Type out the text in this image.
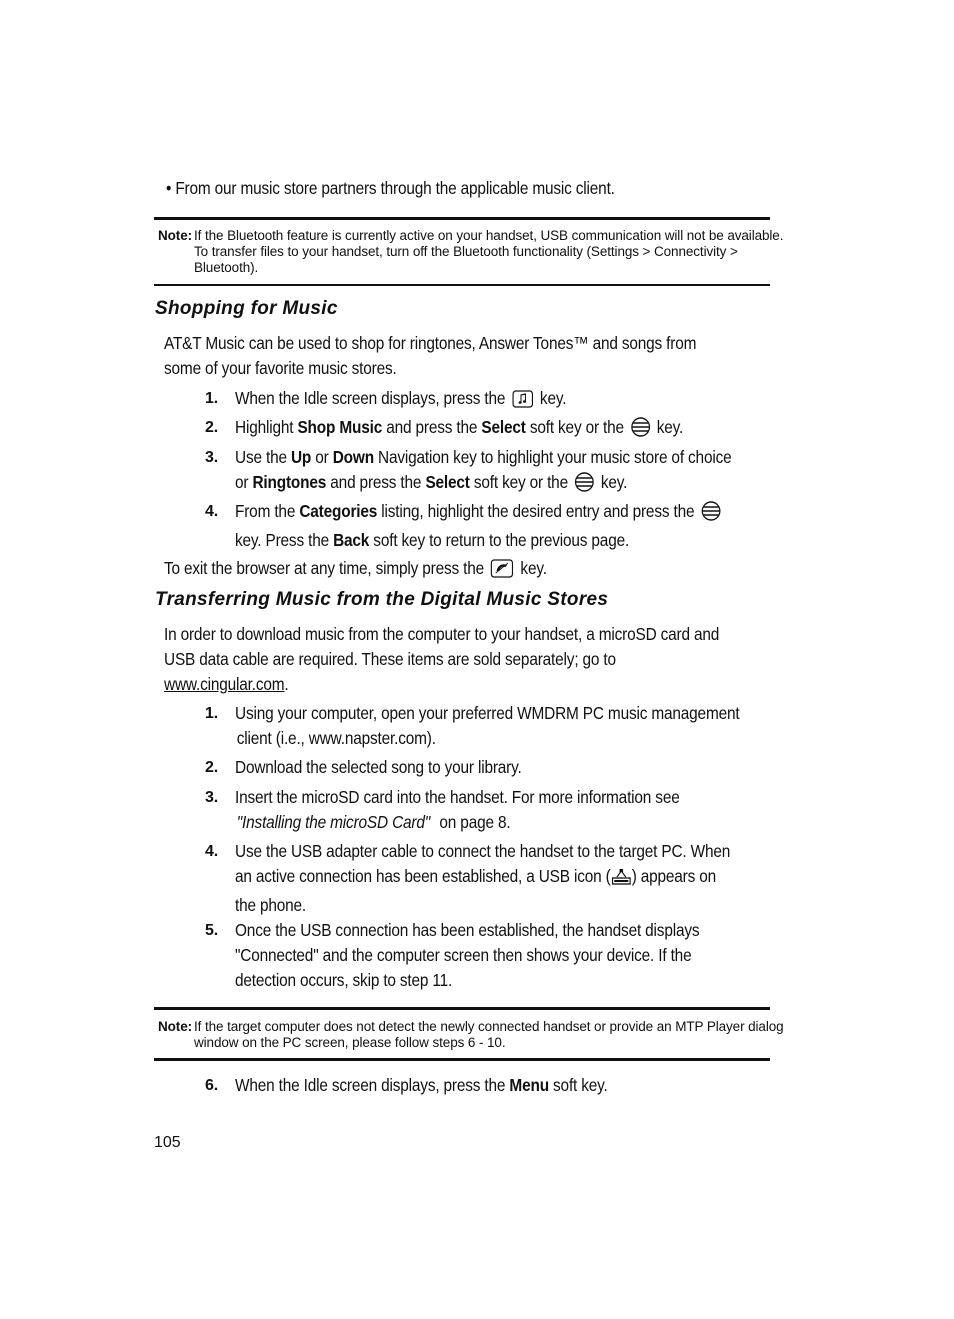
• From our music store partners through the applicable music client.
Note: If the Bluetooth feature is currently active on your handset, USB communication will not be available.
To transfer files to your handset, turn off the Bluetooth functionality (Settings > Connectivity >
Bluetooth).
Shopping for Music
AT&T Music can be used to shop for ringtones, Answer Tones™ and songs from
some of your favorite music stores.
1. When the Idle screen displays, press the key.
2. Highlight Shop Music and press the Select soft key or the key.
3. Use the Up or Down Navigation key to highlight your music store of choice
or Ringtones and press the Select soft key or the key.
4. From the Categories listing, highlight the desired entry and press the
key. Press the Back soft key to return to the previous page.
To exit the browser at any time, simply press the key.
Transferring Music from the Digital Music Stores
In order to download music from the computer to your handset, a microSD card and
USB data cable are required. These items are sold separately; go to
www.cingular.com.
1. Using your computer, open your preferred WMDRM PC music management
client (i.e., www.napster.com).
2. Download the selected song to your library.
3. Insert the microSD card into the handset. For more information see
"Installing the microSD Card" on page 8.
4. Use the USB adapter cable to connect the handset to the target PC. When
an active connection has been established, a USB icon ( ) appears on
the phone.
5. Once the USB connection has been established, the handset displays
"Connected" and the computer screen then shows your device. If the
detection occurs, skip to step 11.
Note: If the target computer does not detect the newly connected handset or provide an MTP Player dialog
window on the PC screen, please follow steps 6 - 10.
6. When the Idle screen displays, press the Menu soft key.
105
